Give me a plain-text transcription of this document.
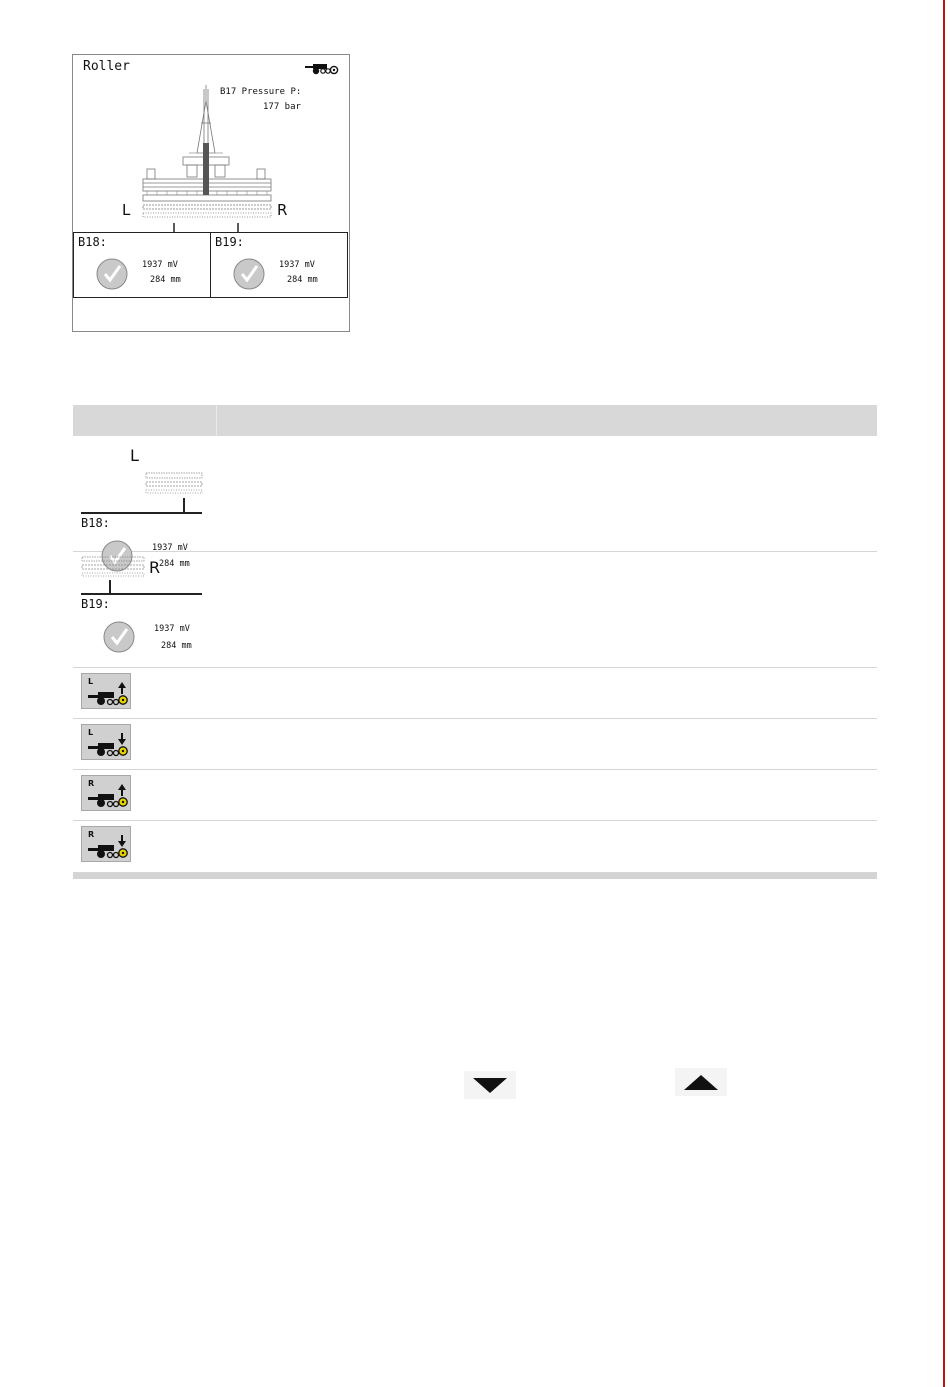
Roller
B17 Pressure P:
177 bar
L	R
B18:
1937 mV
284 mm
B19:
1937 mV
284 mm
L
B18:
1937 mV
284 mm
R
B19:
1937 mV
284 mm
L
L
R
R
